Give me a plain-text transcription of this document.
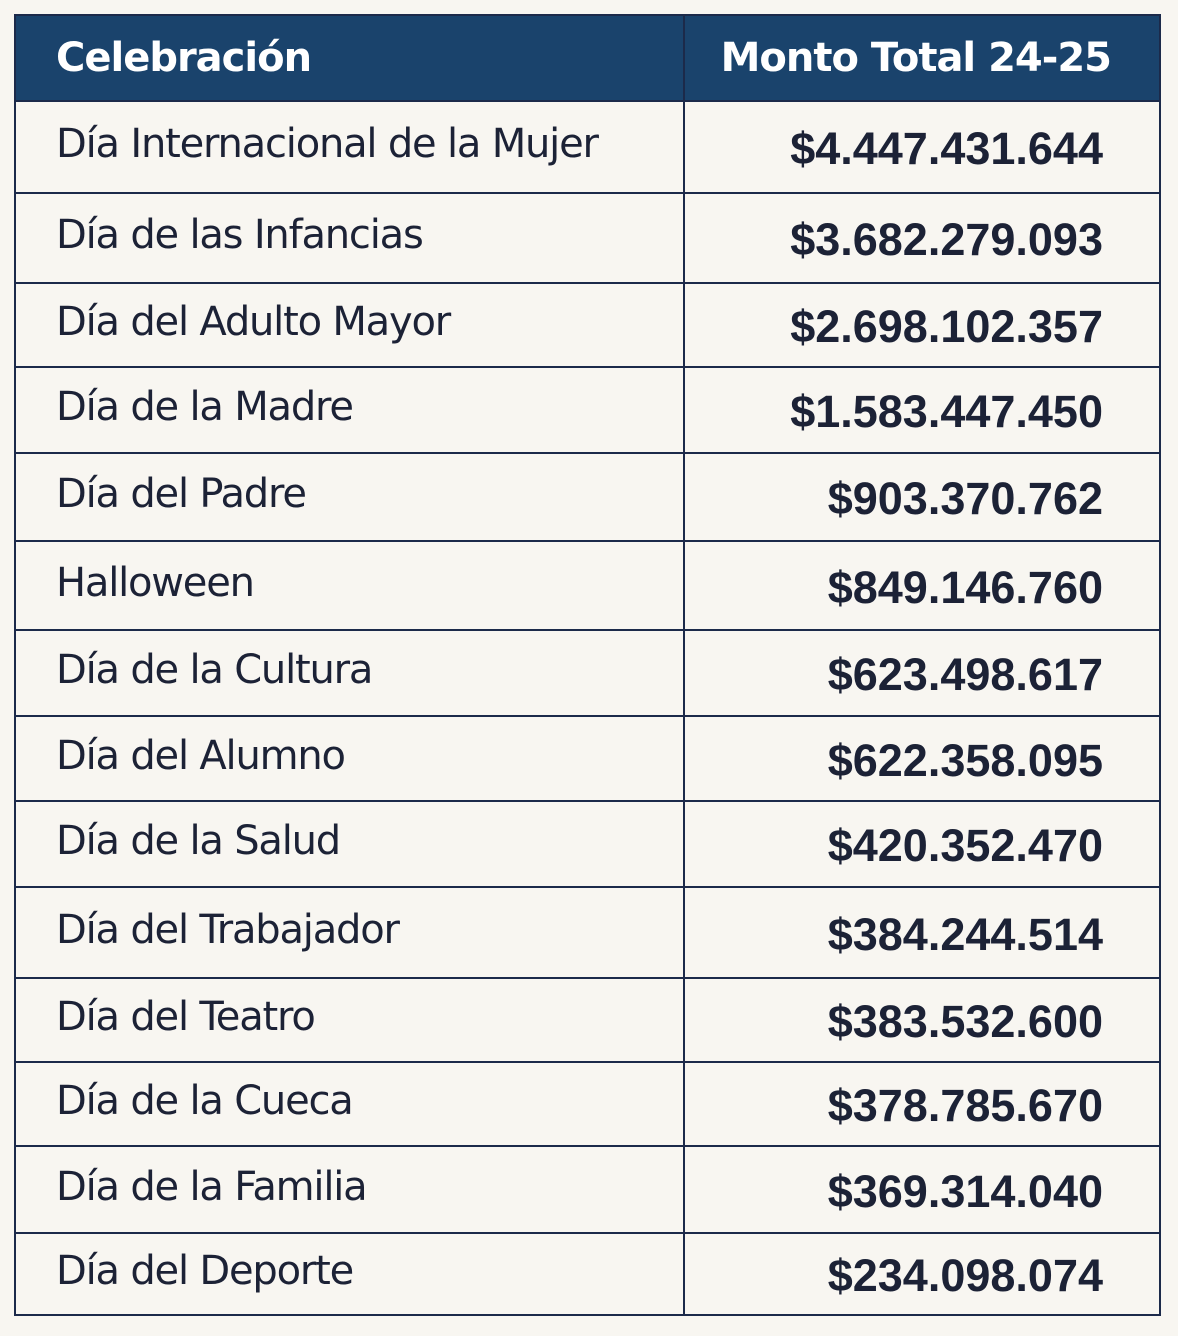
Celebración	Monto Total 24-25
Día Internacional de la Mujer	$4.447.431.644
Día de las Infancias	$3.682.279.093
Día del Adulto Mayor	$2.698.102.357
Día de la Madre	$1.583.447.450
Día del Padre	$903.370.762
Halloween	$849.146.760
Día de la Cultura	$623.498.617
Día del Alumno	$622.358.095
Día de la Salud	$420.352.470
Día del Trabajador	$384.244.514
Día del Teatro	$383.532.600
Día de la Cueca	$378.785.670
Día de la Familia	$369.314.040
Día del Deporte	$234.098.074
